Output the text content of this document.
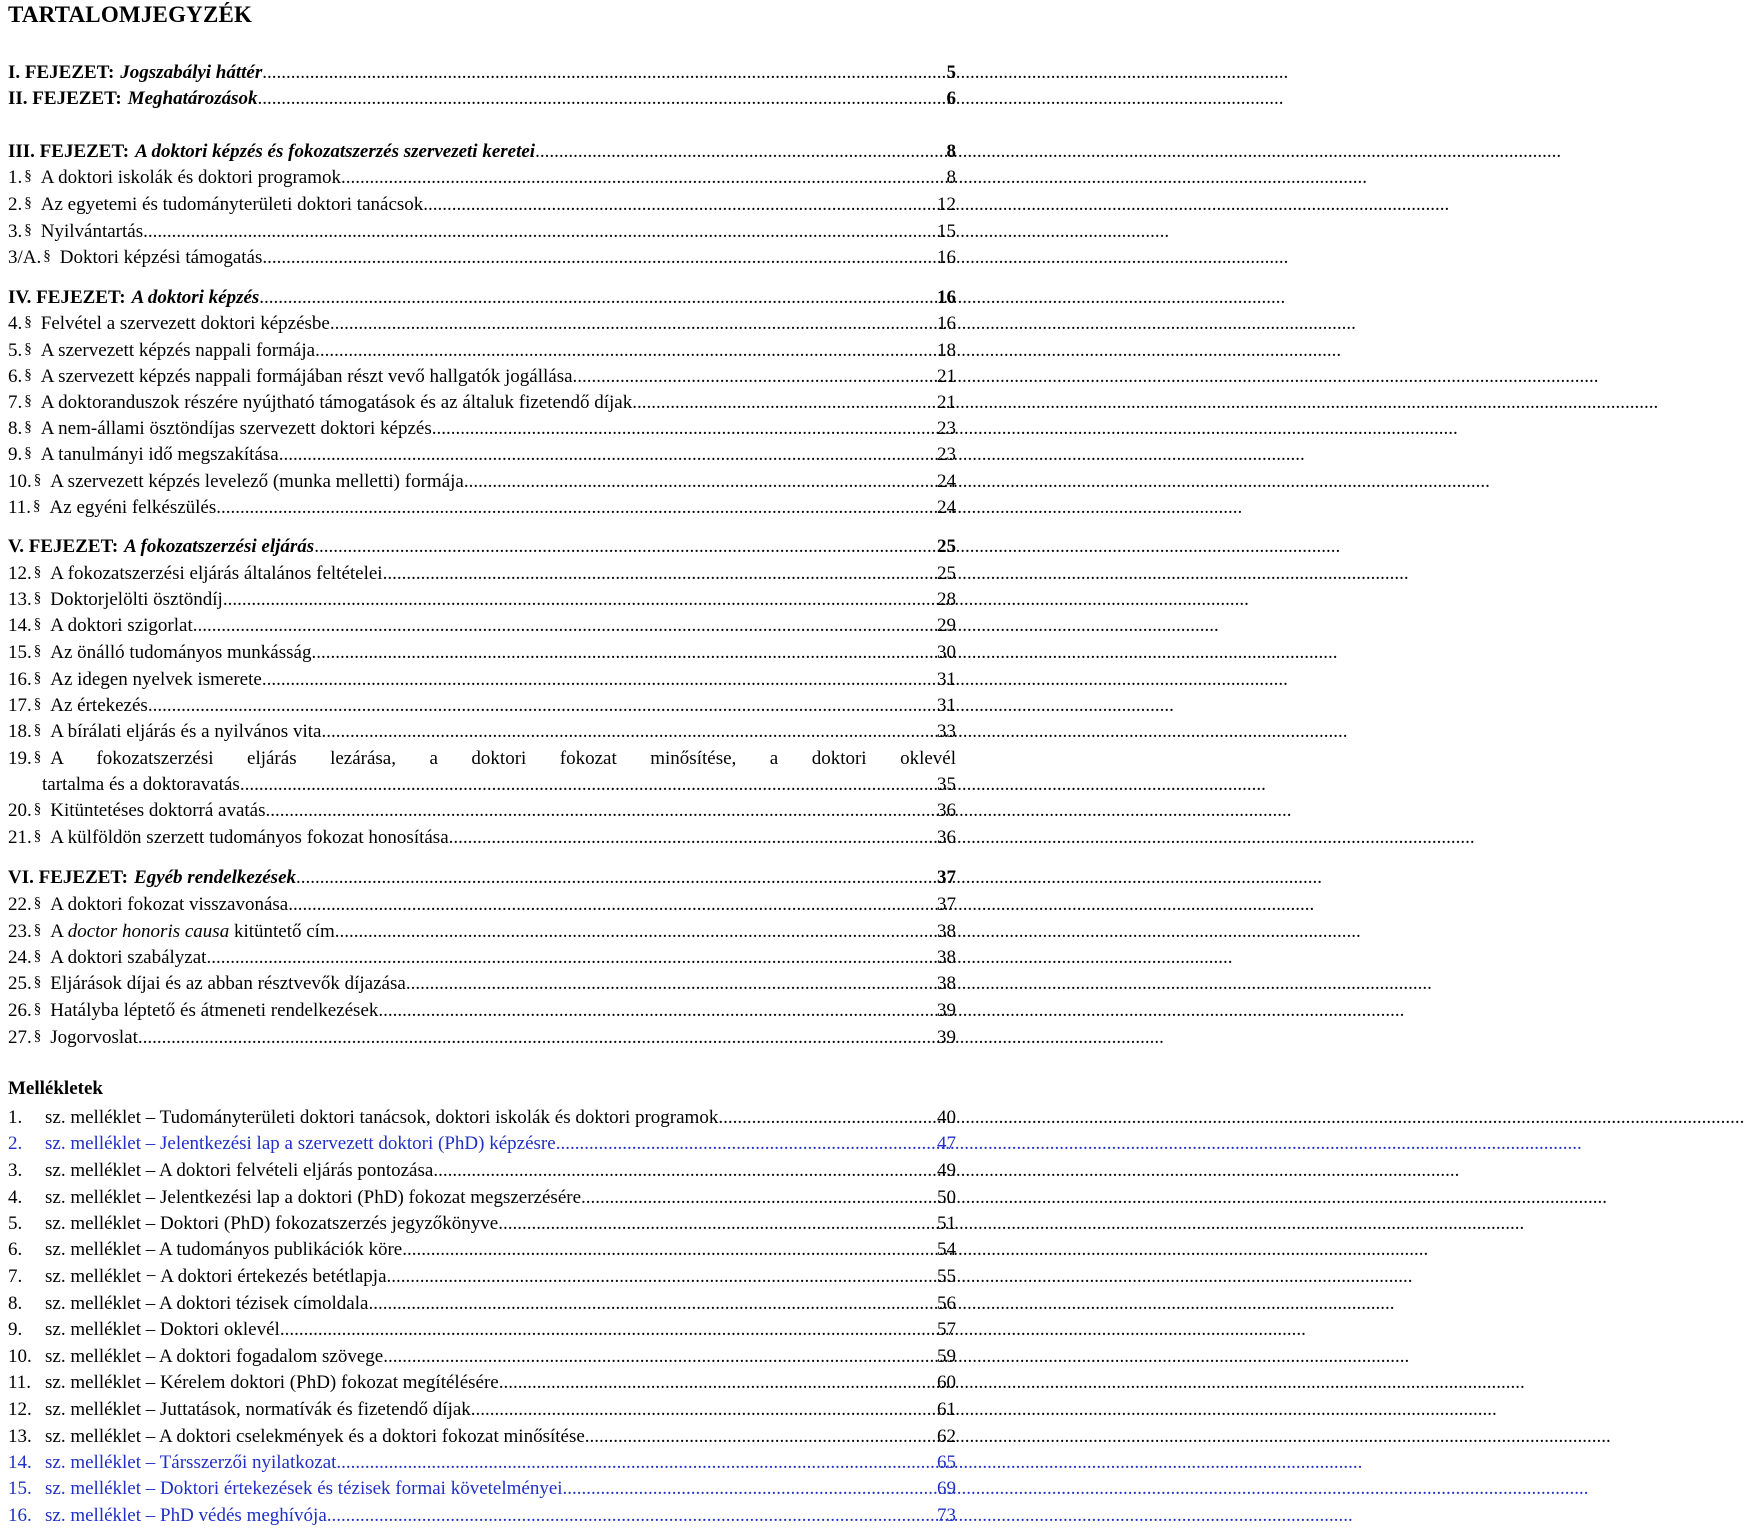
TARTALOMJEGYZÉK
I. FEJEZET: Jogszabályi háttér .....	5
II. FEJEZET: Meghatározások .....	6
III. FEJEZET: A doktori képzés és fokozatszerzés szervezeti keretei .....	8
1. § A doktori iskolák és doktori programok .....	8
2. § Az egyetemi és tudományterületi doktori tanácsok .....	12
3. § Nyilvántartás .....	15
3/A. § Doktori képzési támogatás .....	16
IV. FEJEZET: A doktori képzés .....	16
4. § Felvétel a szervezett doktori képzésbe .....	16
5. § A szervezett képzés nappali formája .....	18
6. § A szervezett képzés nappali formájában részt vevő hallgatók jogállása .....	21
7. § A doktoranduszok részére nyújtható támogatások és az általuk fizetendő díjak .....	21
8. § A nem-állami ösztöndíjas szervezett doktori képzés .....	23
9. § A tanulmányi idő megszakítása .....	23
10. § A szervezett képzés levelező (munka melletti) formája .....	24
11. § Az egyéni felkészülés .....	24
V. FEJEZET: A fokozatszerzési eljárás .....	25
12. § A fokozatszerzési eljárás általános feltételei .....	25
13. § Doktorjelölti ösztöndíj .....	28
14. § A doktori szigorlat .....	29
15. § Az önálló tudományos munkásság .....	30
16. § Az idegen nyelvek ismerete .....	31
17. § Az értekezés .....	31
18. § A bírálati eljárás és a nyilvános vita .....	33
19. § A fokozatszerzési eljárás lezárása, a doktori fokozat minősítése, a doktori oklevél
tartalma és a doktoravatás .....	35
20. § Kitüntetéses doktorrá avatás .....	36
21. § A külföldön szerzett tudományos fokozat honosítása .....	36
VI. FEJEZET: Egyéb rendelkezések .....	37
22. § A doktori fokozat visszavonása .....	37
23. § A doctor honoris causa kitüntető cím .....	38
24. § A doktori szabályzat .....	38
25. § Eljárások díjai és az abban résztvevők díjazása .....	38
26. § Hatályba léptető és átmeneti rendelkezések .....	39
27. § Jogorvoslat .....	39
Mellékletek
1.	sz. melléklet – Tudományterületi doktori tanácsok, doktori iskolák és doktori programok .....	40
2.	sz. melléklet – Jelentkezési lap a szervezett doktori (PhD) képzésre .....	47
3.	sz. melléklet – A doktori felvételi eljárás pontozása .....	49
4.	sz. melléklet – Jelentkezési lap a doktori (PhD) fokozat megszerzésére .....	50
5.	sz. melléklet – Doktori (PhD) fokozatszerzés jegyzőkönyve .....	51
6.	sz. melléklet – A tudományos publikációk köre .....	54
7.	sz. melléklet − A doktori értekezés betétlapja .....	55
8.	sz. melléklet – A doktori tézisek címoldala .....	56
9.	sz. melléklet – Doktori oklevél .....	57
10. sz. melléklet – A doktori fogadalom szövege .....	59
11. sz. melléklet – Kérelem doktori (PhD) fokozat megítélésére .....	60
12. sz. melléklet – Juttatások, normatívák és fizetendő díjak .....	61
13. sz. melléklet – A doktori cselekmények és a doktori fokozat minősítése .....	62
14. sz. melléklet – Társszerzői nyilatkozat .....	65
15. sz. melléklet – Doktori értekezések és tézisek formai követelményei .....	69
16. sz. melléklet – PhD védés meghívója .....	73
